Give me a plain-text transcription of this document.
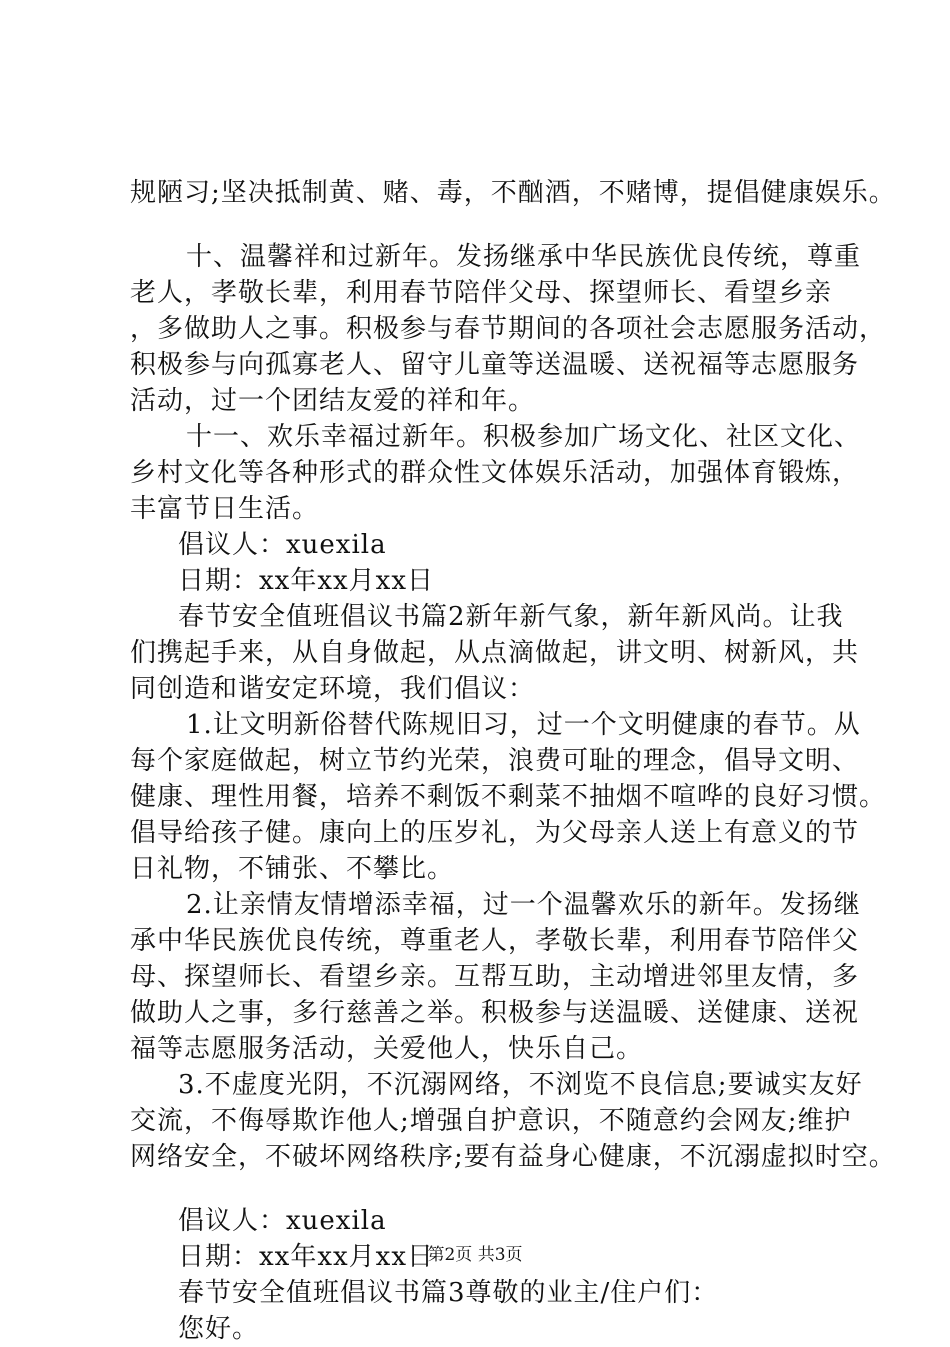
规陋习;坚决抵制黄、赌、毒，不酗酒，不赌博，提倡健康娱乐。
十、温馨祥和过新年。发扬继承中华民族优良传统，尊重
老人，孝敬长辈，利用春节陪伴父母、探望师长、看望乡亲
，多做助人之事。积极参与春节期间的各项社会志愿服务活动，
积极参与向孤寡老人、留守儿童等送温暖、送祝福等志愿服务
活动，过一个团结友爱的祥和年。
十一、欢乐幸福过新年。积极参加广场文化、社区文化、
乡村文化等各种形式的群众性文体娱乐活动，加强体育锻炼，
丰富节日生活。
倡议人：xuexila
日期：xx年xx月xx日
春节安全值班倡议书篇2新年新气象，新年新风尚。让我
们携起手来，从自身做起，从点滴做起，讲文明、树新风，共
同创造和谐安定环境，我们倡议：
1.让文明新俗替代陈规旧习，过一个文明健康的春节。从
每个家庭做起，树立节约光荣，浪费可耻的理念，倡导文明、
健康、理性用餐，培养不剩饭不剩菜不抽烟不喧哗的良好习惯。
倡导给孩子健。康向上的压岁礼，为父母亲人送上有意义的节
日礼物，不铺张、不攀比。
2.让亲情友情增添幸福，过一个温馨欢乐的新年。发扬继
承中华民族优良传统，尊重老人，孝敬长辈，利用春节陪伴父
母、探望师长、看望乡亲。互帮互助，主动增进邻里友情，多
做助人之事，多行慈善之举。积极参与送温暖、送健康、送祝
福等志愿服务活动，关爱他人，快乐自己。
3.不虚度光阴，不沉溺网络，不浏览不良信息;要诚实友好
交流，不侮辱欺诈他人;增强自护意识，不随意约会网友;维护
网络安全，不破坏网络秩序;要有益身心健康，不沉溺虚拟时空。
倡议人：xuexila
日期：xx年xx月xx日
春节安全值班倡议书篇3尊敬的业主/住户们：
您好。
第2页 共3页
